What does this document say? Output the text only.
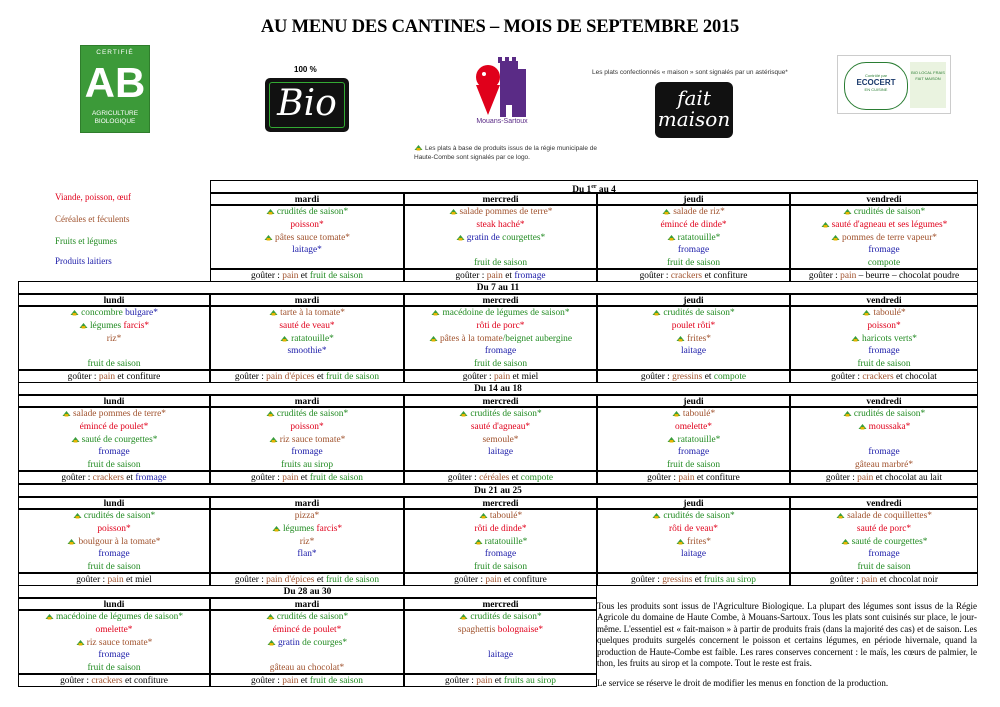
AU MENU DES CANTINES – MOIS DE SEPTEMBRE 2015
CERTIFIÉ
AB
AGRICULTURE
BIOLOGIQUE
100 %
Bio	Mouans-Sartoux
Les plats confectionnés « maison » sont signalés par un astérisque*
fait
maison
Contrôlé par
ECOCERT
EN CUISINE
BIO LOCAL FRAIS FAIT MAISON
Les plats à base de produits issus de la régie municipale de Haute-Combe sont signalés par ce logo.
Viande, poisson, œuf
Céréales et féculents
Fruits et légumes
Produits laitiers
Du 1er au 4
mardi
crudités de saison*
poisson*
pâtes sauce tomate*
laitage*
goûter : pain et fruit de saison
mercredi
salade pommes de terre*
steak haché*
gratin de courgettes*
fruit de saison
goûter : pain et fromage
jeudi
salade de riz*
émincé de dinde*
ratatouille*
fromage
fruit de saison
goûter : crackers et confiture
vendredi
crudités de saison*
sauté d'agneau et ses légumes*
pommes de terre vapeur*
fromage
compote
goûter : pain – beurre – chocolat poudre
Du 7 au 11
lundi
concombre bulgare*
légumes farcis*
riz*
fruit de saison
goûter : pain et confiture
mardi
tarte à la tomate*
sauté de veau*
ratatouille*
smoothie*
goûter : pain d'épices et fruit de saison
mercredi
macédoine de légumes de saison*
rôti de porc*
pâtes à la tomate/beignet aubergine
fromage
fruit de saison
goûter : pain et miel
jeudi
crudités de saison*
poulet rôti*
frites*
laitage
goûter : gressins et compote
vendredi
taboulé*
poisson*
haricots verts*
fromage
fruit de saison
goûter : crackers et chocolat
Du 14 au 18
lundi
salade pommes de terre*
émincé de poulet*
sauté de courgettes*
fromage
fruit de saison
goûter : crackers et fromage
mardi
crudités de saison*
poisson*
riz sauce tomate*
fromage
fruits au sirop
goûter : pain et fruit de saison
mercredi
crudités de saison*
sauté d'agneau*
semoule*
laitage
goûter : céréales et compote
jeudi
taboulé*
omelette*
ratatouille*
fromage
fruit de saison
goûter : pain et confiture
vendredi
crudités de saison*
moussaka*
fromage
gâteau marbré*
goûter : pain et chocolat au lait
Du 21 au 25
lundi
crudités de saison*
poisson*
boulgour à la tomate*
fromage
fruit de saison
goûter : pain et miel
mardi
pizza*
légumes farcis*
riz*
flan*
goûter : pain d'épices et fruit de saison
mercredi
taboulé*
rôti de dinde*
ratatouille*
fromage
fruit de saison
goûter : pain et confiture
jeudi
crudités de saison*
rôti de veau*
frites*
laitage
goûter : gressins et fruits au sirop
vendredi
salade de coquillettes*
sauté de porc*
sauté de courgettes*
fromage
fruit de saison
goûter : pain et chocolat noir
Du 28 au 30
lundi
macédoine de légumes de saison*
omelette*
riz sauce tomate*
fromage
fruit de saison
goûter : crackers et confiture
mardi
crudités de saison*
émincé de poulet*
gratin de courges*
gâteau au chocolat*
goûter : pain et fruit de saison
mercredi
crudités de saison*
spaghettis bolognaise*
laitage
goûter : pain et fruits au sirop
Tous les produits sont issus de l'Agriculture Biologique. La plupart des légumes sont issus de la Régie Agricole du domaine de Haute Combe, à Mouans-Sartoux. Tous les plats sont cuisinés sur place, le jour-même. L'essentiel est « fait-maison » à partir de produits frais (dans la majorité des cas) et de saison. Les quelques produits surgelés concernent le poisson et certains légumes, en période hivernale, quand la production de Haute-Combe est faible. Les rares conserves concernent : le maïs, les cœurs de palmier, le thon, les fruits au sirop et la compote. Tout le reste est frais.
Le service se réserve le droit de modifier les menus en fonction de la production.
